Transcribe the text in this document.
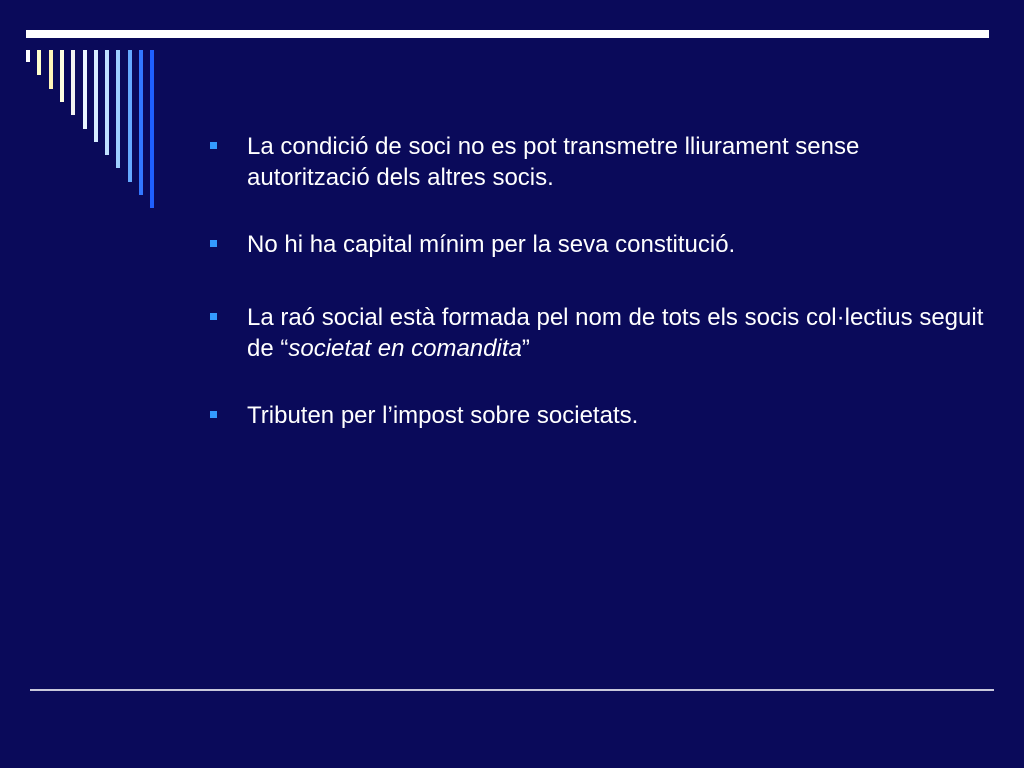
La condició de soci no es pot transmetre lliurament sense autorització dels altres socis.
No hi ha capital mínim per la seva constitució.
La raó social està formada pel nom de tots els socis col·lectius seguit de “societat en comandita”
Tributen per l’impost sobre societats.
